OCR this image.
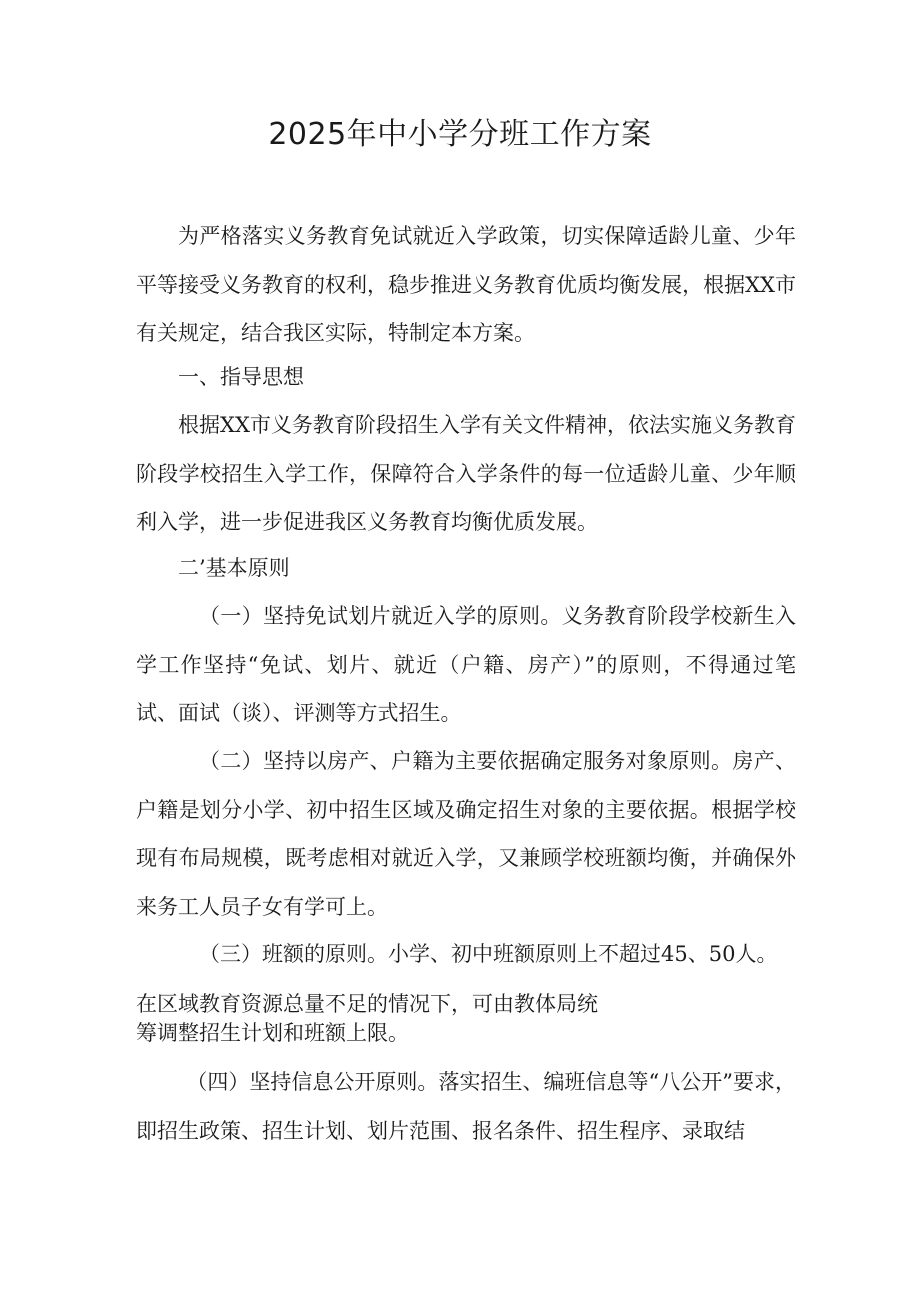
2025年中小学分班工作方案

为严格落实义务教育免试就近入学政策，切实保障适龄儿童、少年平等接受义务教育的权利，稳步推进义务教育优质均衡发展，根据XX市有关规定，结合我区实际，特制定本方案。

一、指导思想

根据XX市义务教育阶段招生入学有关文件精神，依法实施义务教育阶段学校招生入学工作，保障符合入学条件的每一位适龄儿童、少年顺利入学，进一步促进我区义务教育均衡优质发展。

二’基本原则

（一）坚持免试划片就近入学的原则。义务教育阶段学校新生入学工作坚持“免试、划片、就近（户籍、房产）”的原则，不得通过笔试、面试（谈）、评测等方式招生。

（二）坚持以房产、户籍为主要依据确定服务对象原则。房产、户籍是划分小学、初中招生区域及确定招生对象的主要依据。根据学校现有布局规模，既考虑相对就近入学，又兼顾学校班额均衡，并确保外来务工人员子女有学可上。

（三）班额的原则。小学、初中班额原则上不超过45、50人。

在区域教育资源总量不足的情况下，可由教体局统

筹调整招生计划和班额上限。

（四）坚持信息公开原则。落实招生、编班信息等“八公开”要求，即招生政策、招生计划、划片范围、报名条件、招生程序、录取结
